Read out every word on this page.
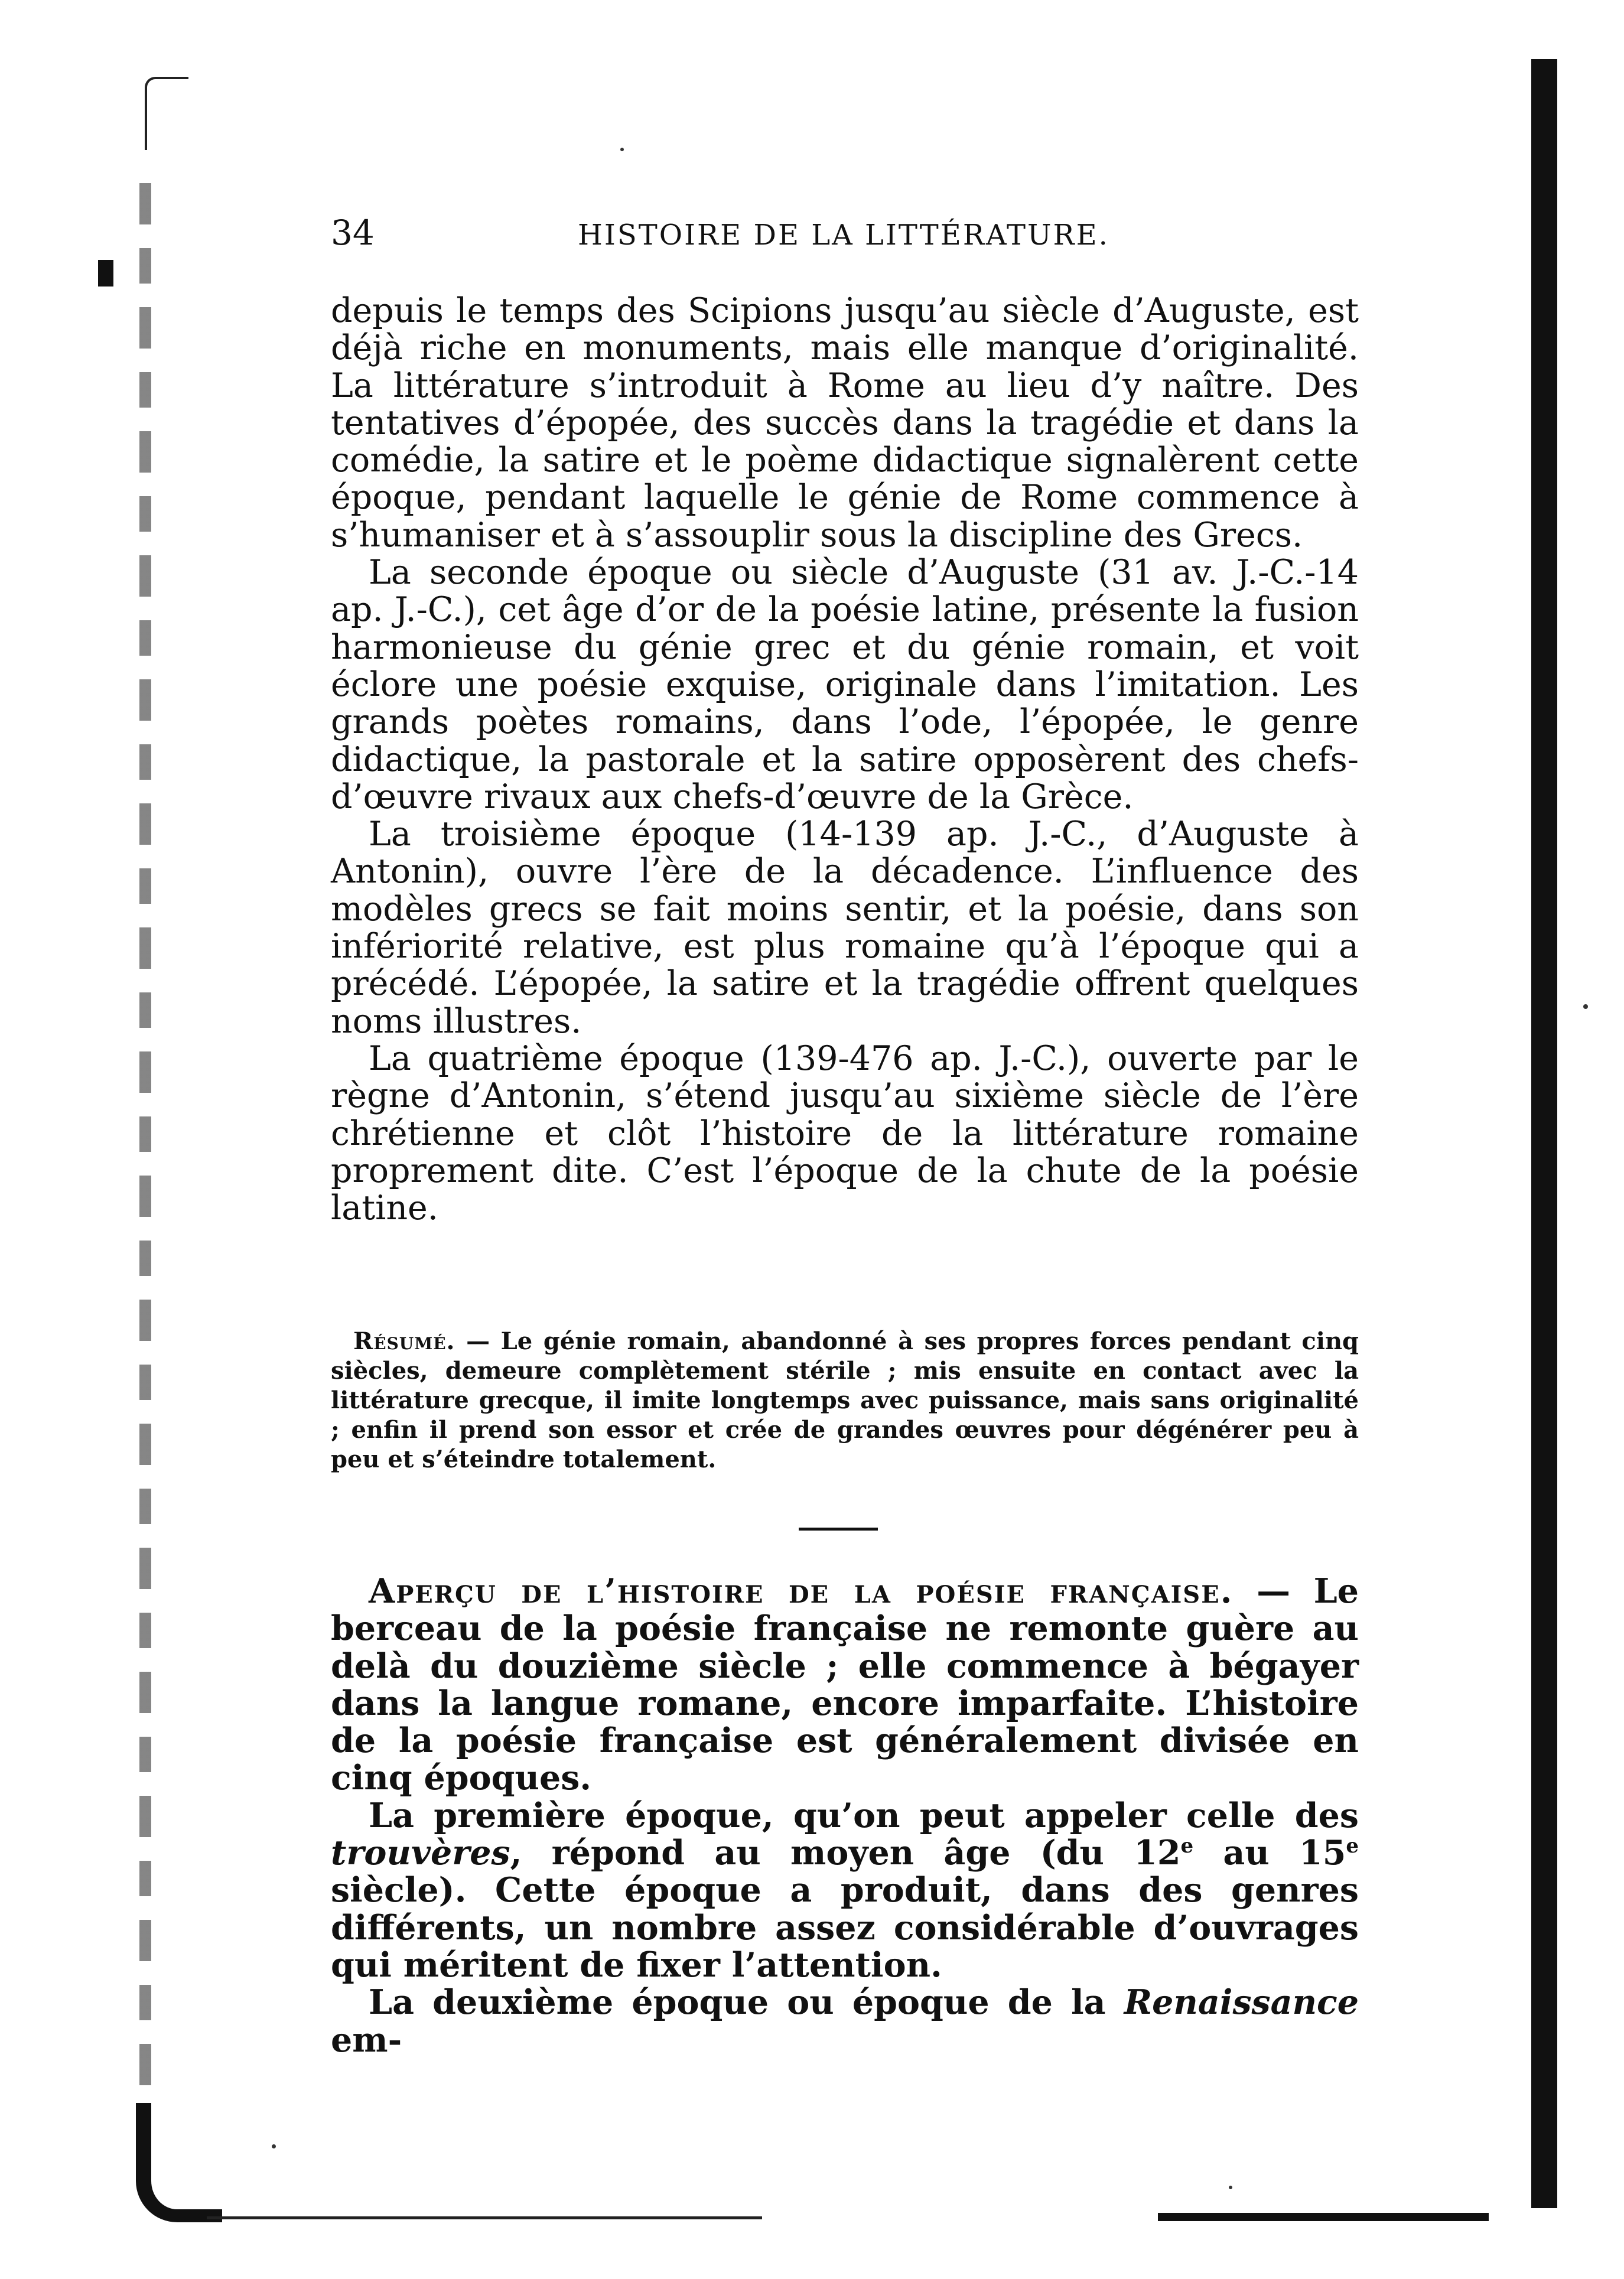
34	HISTOIRE DE LA LITTÉRATURE.

depuis le temps des Scipions jusqu’au siècle d’Auguste, est déjà riche en monuments, mais elle manque d’originalité. La littérature s’introduit à Rome au lieu d’y naître. Des tentatives d’épopée, des succès dans la tragédie et dans la comédie, la satire et le poème didactique signalèrent cette époque, pendant laquelle le génie de Rome commence à s’humaniser et à s’assouplir sous la discipline des Grecs.

La seconde époque ou siècle d’Auguste (31 av. J.-C.-14 ap. J.-C.), cet âge d’or de la poésie latine, présente la fusion harmonieuse du génie grec et du génie romain, et voit éclore une poésie exquise, originale dans l’imitation. Les grands poètes romains, dans l’ode, l’épopée, le genre didactique, la pastorale et la satire opposèrent des chefs-d’œuvre rivaux aux chefs-d’œuvre de la Grèce.

La troisième époque (14-139 ap. J.-C., d’Auguste à Antonin), ouvre l’ère de la décadence. L’influence des modèles grecs se fait moins sentir, et la poésie, dans son infériorité relative, est plus romaine qu’à l’époque qui a précédé. L’épopée, la satire et la tragédie offrent quelques noms illustres.

La quatrième époque (139-476 ap. J.-C.), ouverte par le règne d’Antonin, s’étend jusqu’au sixième siècle de l’ère chrétienne et clôt l’histoire de la littérature romaine proprement dite. C’est l’époque de la chute de la poésie latine.

Résumé. — Le génie romain, abandonné à ses propres forces pendant cinq siècles, demeure complètement stérile ; mis ensuite en contact avec la littérature grecque, il imite longtemps avec puissance, mais sans originalité ; enfin il prend son essor et crée de grandes œuvres pour dégénérer peu à peu et s’éteindre totalement.

Aperçu de l’histoire de la poésie française. — Le berceau de la poésie française ne remonte guère au delà du douzième siècle ; elle commence à bégayer dans la langue romane, encore imparfaite. L’histoire de la poésie française est généralement divisée en cinq époques.

La première époque, qu’on peut appeler celle des trouvères, répond au moyen âge (du 12e au 15e siècle). Cette époque a produit, dans des genres différents, un nombre assez considérable d’ouvrages qui méritent de fixer l’attention.

La deuxième époque ou époque de la Renaissance em-
